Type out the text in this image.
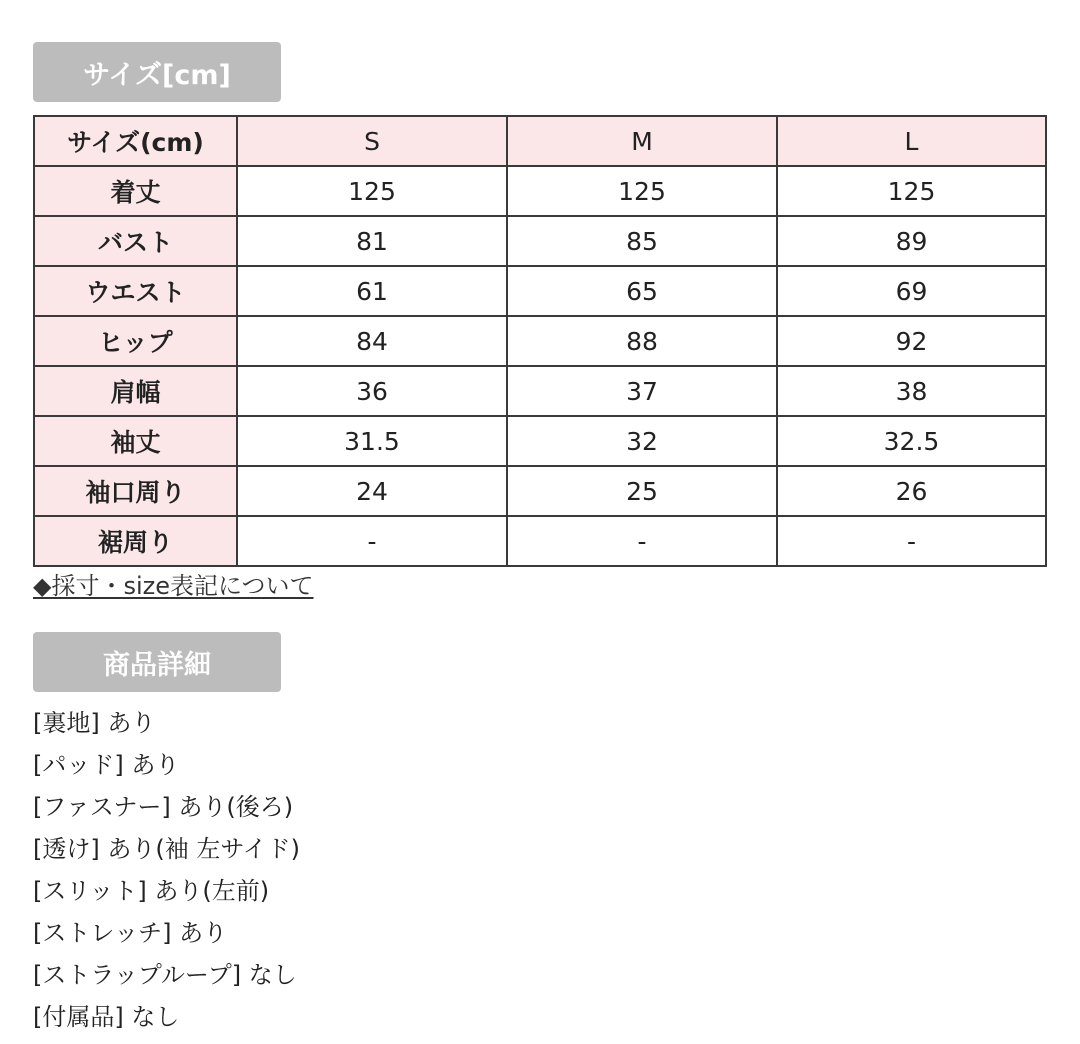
サイズ[cm]
サイズ(cm)	S	M	L
着丈	125	125	125
バスト	81	85	89
ウエスト	61	65	69
ヒップ	84	88	92
肩幅	36	37	38
袖丈	31.5	32	32.5
袖口周り	24	25	26
裾周り	-	-	-
◆採寸・size表記について
商品詳細
[裏地] あり
[パッド] あり
[ファスナー] あり(後ろ)
[透け] あり(袖 左サイド)
[スリット] あり(左前)
[ストレッチ] あり
[ストラップループ] なし
[付属品] なし
